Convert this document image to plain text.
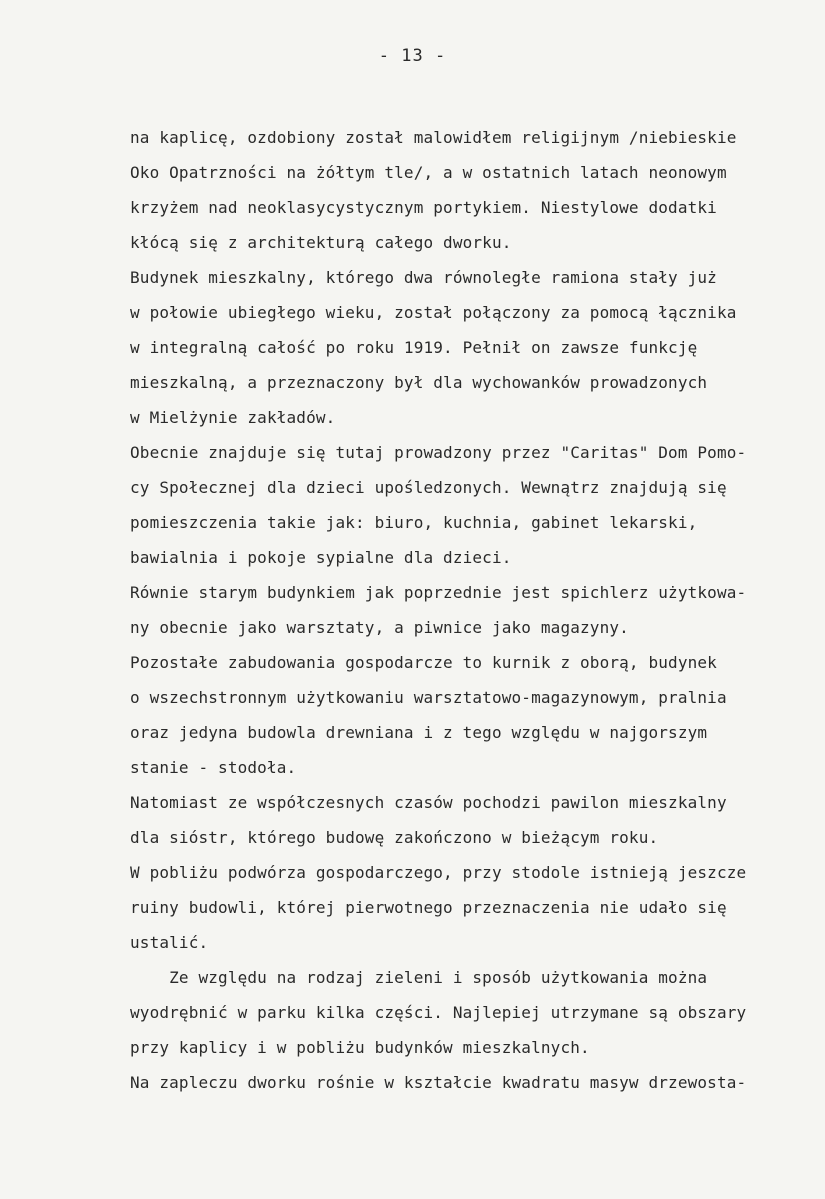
- 13 -
na kaplicę, ozdobiony został malowidłem religijnym /niebieskie
Oko Opatrzności na żółtym tle/, a w ostatnich latach neonowym
krzyżem nad neoklasycystycznym portykiem. Niestylowe dodatki
kłócą się z architekturą całego dworku.
Budynek mieszkalny, którego dwa równoległe ramiona stały już
w połowie ubiegłego wieku, został połączony za pomocą łącznika
w integralną całość po roku 1919. Pełnił on zawsze funkcję
mieszkalną, a przeznaczony był dla wychowanków prowadzonych
w Mielżynie zakładów.
Obecnie znajduje się tutaj prowadzony przez "Caritas" Dom Pomo-
cy Społecznej dla dzieci upośledzonych. Wewnątrz znajdują się
pomieszczenia takie jak: biuro, kuchnia, gabinet lekarski,
bawialnia i pokoje sypialne dla dzieci.
Równie starym budynkiem jak poprzednie jest spichlerz użytkowa-
ny obecnie jako warsztaty, a piwnice jako magazyny.
Pozostałe zabudowania gospodarcze to kurnik z oborą, budynek
o wszechstronnym użytkowaniu warsztatowo-magazynowym, pralnia
oraz jedyna budowla drewniana i z tego względu w najgorszym
stanie - stodoła.
Natomiast ze współczesnych czasów pochodzi pawilon mieszkalny
dla sióstr, którego budowę zakończono w bieżącym roku.
W pobliżu podwórza gospodarczego, przy stodole istnieją jeszcze
ruiny budowli, której pierwotnego przeznaczenia nie udało się
ustalić.
Ze względu na rodzaj zieleni i sposób użytkowania można
wyodrębnić w parku kilka części. Najlepiej utrzymane są obszary
przy kaplicy i w pobliżu budynków mieszkalnych.
Na zapleczu dworku rośnie w kształcie kwadratu masyw drzewosta-
